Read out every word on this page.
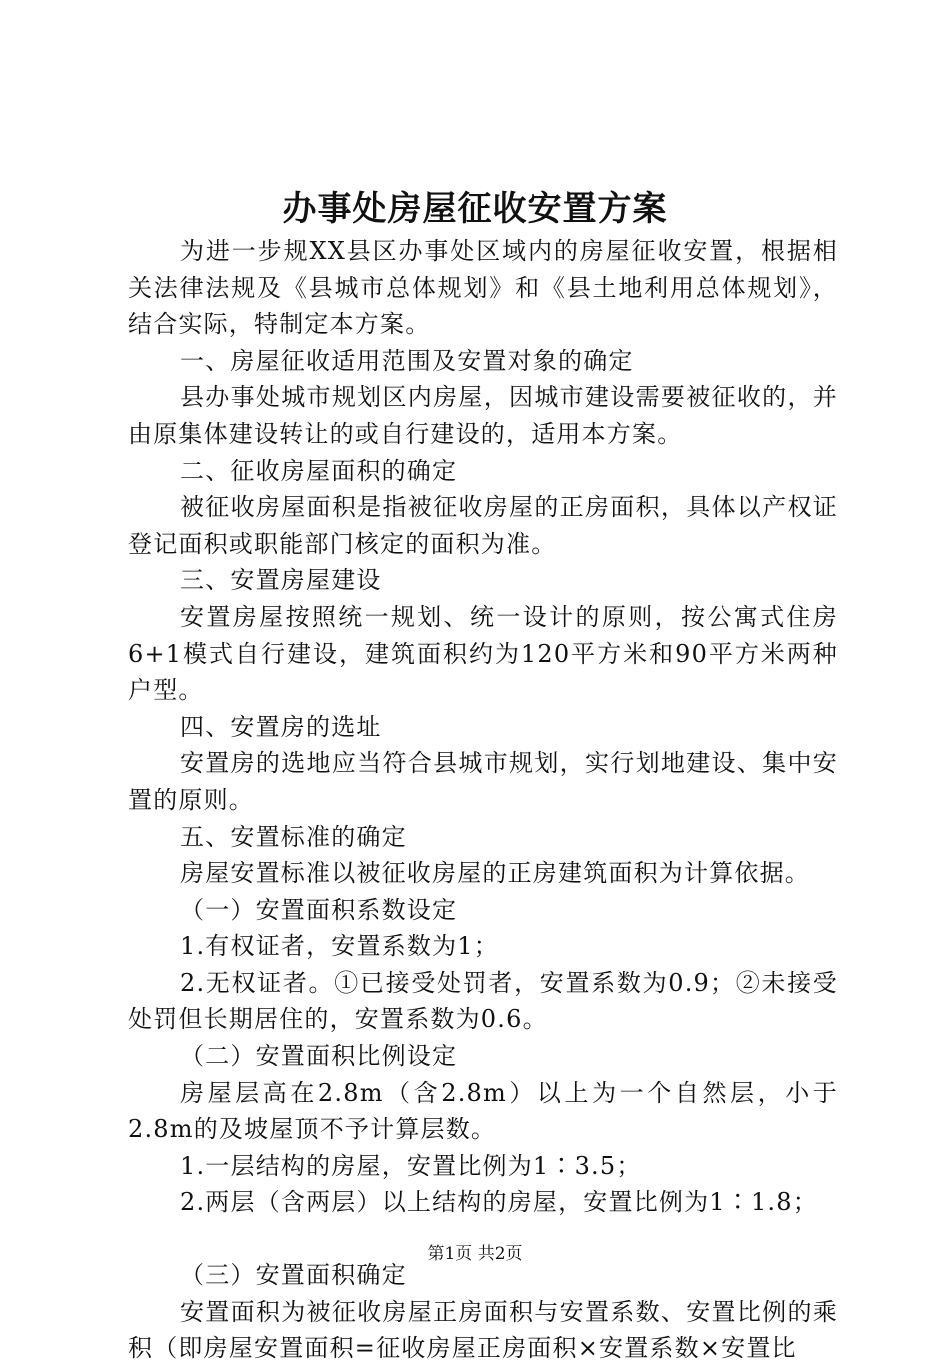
办事处房屋征收安置方案

为进一步规XX县区办事处区域内的房屋征收安置，根据相关法律法规及《县城市总体规划》和《县土地利用总体规划》，结合实际，特制定本方案。

一、房屋征收适用范围及安置对象的确定

县办事处城市规划区内房屋，因城市建设需要被征收的，并由原集体建设转让的或自行建设的，适用本方案。

二、征收房屋面积的确定

被征收房屋面积是指被征收房屋的正房面积，具体以产权证登记面积或职能部门核定的面积为准。

三、安置房屋建设

安置房屋按照统一规划、统一设计的原则，按公寓式住房6+1模式自行建设，建筑面积约为120平方米和90平方米两种户型。

四、安置房的选址

安置房的选地应当符合县城市规划，实行划地建设、集中安置的原则。

五、安置标准的确定

房屋安置标准以被征收房屋的正房建筑面积为计算依据。

（一）安置面积系数设定

1.有权证者，安置系数为1；

2.无权证者。①已接受处罚者，安置系数为0.9；②未接受处罚但长期居住的，安置系数为0.6。

（二）安置面积比例设定

房屋层高在2.8m（含2.8m）以上为一个自然层，小于2.8m的及坡屋顶不予计算层数。

1.一层结构的房屋，安置比例为1∶3.5；

2.两层（含两层）以上结构的房屋，安置比例为1∶1.8；

（三）安置面积确定

安置面积为被征收房屋正房面积与安置系数、安置比例的乘积（即房屋安置面积=征收房屋正房面积×安置系数×安置比

第1页 共2页
